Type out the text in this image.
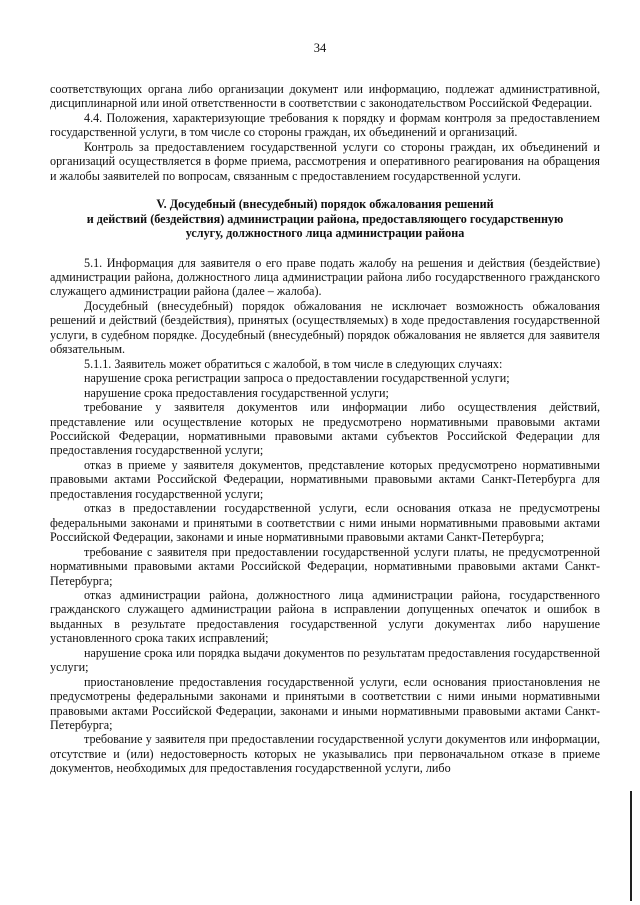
34

соответствующих органа либо организации документ или информацию, подлежат административной, дисциплинарной или иной ответственности в соответствии с законодательством Российской Федерации.

4.4. Положения, характеризующие требования к порядку и формам контроля за предоставлением государственной услуги, в том числе со стороны граждан, их объединений и организаций.

Контроль за предоставлением государственной услуги со стороны граждан, их объединений и организаций осуществляется в форме приема, рассмотрения и оперативного реагирования на обращения и жалобы заявителей по вопросам, связанным с предоставлением государственной услуги.

V. Досудебный (внесудебный) порядок обжалования решений
и действий (бездействия) администрации района, предоставляющего государственную
услугу, должностного лица администрации района

5.1. Информация для заявителя о его праве подать жалобу на решения и действия (бездействие) администрации района, должностного лица администрации района либо государственного гражданского служащего администрации района (далее – жалоба).

Досудебный (внесудебный) порядок обжалования не исключает возможность обжалования решений и действий (бездействия), принятых (осуществляемых) в ходе предоставления государственной услуги, в судебном порядке. Досудебный (внесудебный) порядок обжалования не является для заявителя обязательным.

5.1.1. Заявитель может обратиться с жалобой, в том числе в следующих случаях:

нарушение срока регистрации запроса о предоставлении государственной услуги;

нарушение срока предоставления государственной услуги;

требование у заявителя документов или информации либо осуществления действий, представление или осуществление которых не предусмотрено нормативными правовыми актами Российской Федерации, нормативными правовыми актами субъектов Российской Федерации для предоставления государственной услуги;

отказ в приеме у заявителя документов, представление которых предусмотрено нормативными правовыми актами Российской Федерации, нормативными правовыми актами Санкт-Петербурга для предоставления государственной услуги;

отказ в предоставлении государственной услуги, если основания отказа не предусмотрены федеральными законами и принятыми в соответствии с ними иными нормативными правовыми актами Российской Федерации, законами и иные нормативными правовыми актами Санкт-Петербурга;

требование с заявителя при предоставлении государственной услуги платы, не предусмотренной нормативными правовыми актами Российской Федерации, нормативными правовыми актами Санкт-Петербурга;

отказ администрации района, должностного лица администрации района, государственного гражданского служащего администрации района в исправлении допущенных опечаток и ошибок в выданных в результате предоставления государственной услуги документах либо нарушение установленного срока таких исправлений;

нарушение срока или порядка выдачи документов по результатам предоставления государственной услуги;

приостановление предоставления государственной услуги, если основания приостановления не предусмотрены федеральными законами и принятыми в соответствии с ними иными нормативными правовыми актами Российской Федерации, законами и иными нормативными правовыми актами Санкт-Петербурга;

требование у заявителя при предоставлении государственной услуги документов или информации, отсутствие и (или) недостоверность которых не указывались при первоначальном отказе в приеме документов, необходимых для предоставления государственной услуги, либо
